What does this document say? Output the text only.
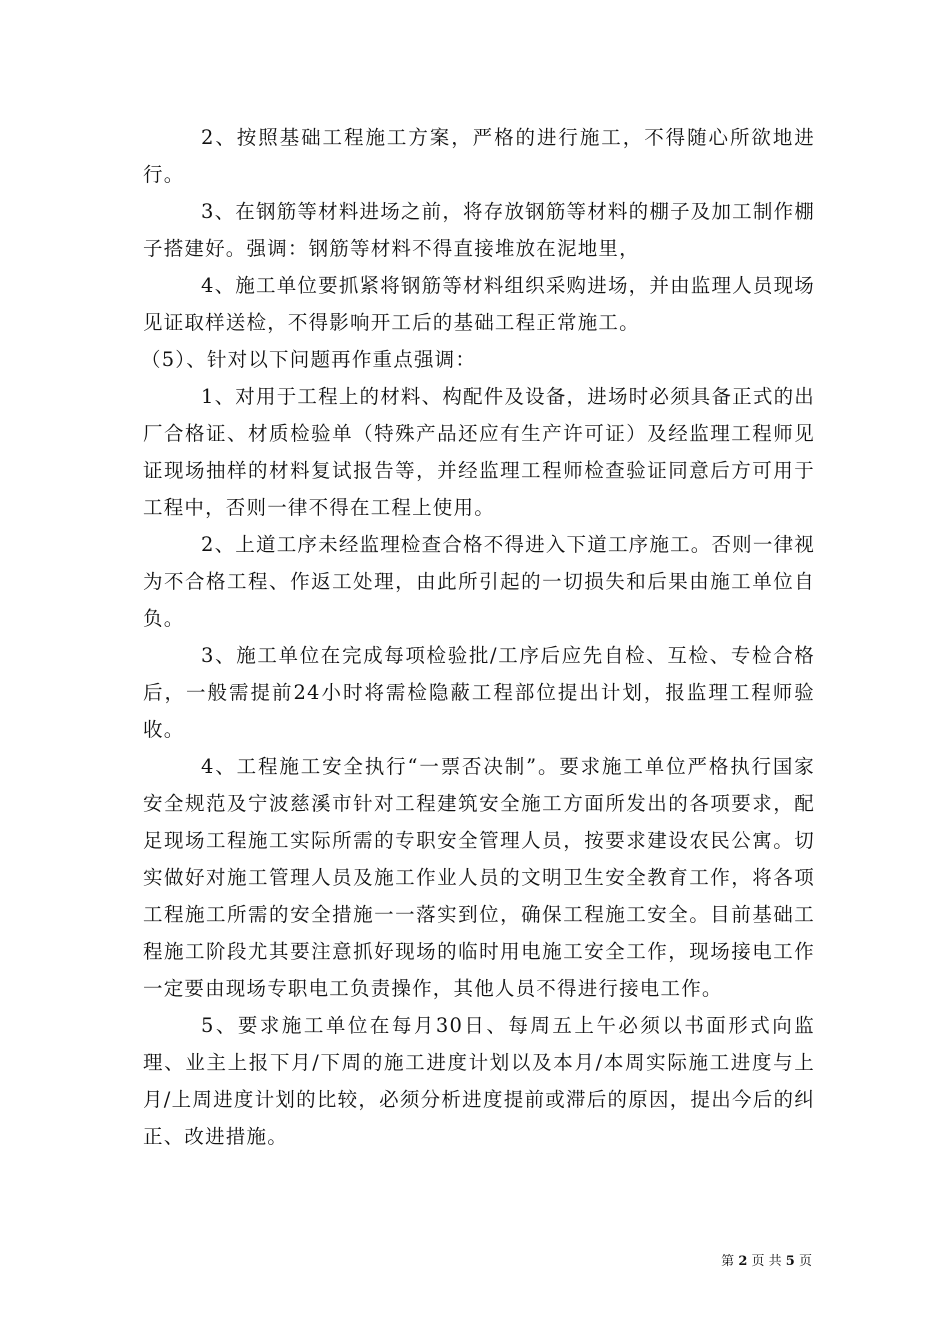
2、按照基础工程施工方案，严格的进行施工，不得随心所欲地进行。

3、在钢筋等材料进场之前，将存放钢筋等材料的棚子及加工制作棚子搭建好。强调：钢筋等材料不得直接堆放在泥地里，

4、施工单位要抓紧将钢筋等材料组织采购进场，并由监理人员现场见证取样送检，不得影响开工后的基础工程正常施工。

（5）、针对以下问题再作重点强调：

1、对用于工程上的材料、构配件及设备，进场时必须具备正式的出厂合格证、材质检验单（特殊产品还应有生产许可证）及经监理工程师见证现场抽样的材料复试报告等，并经监理工程师检查验证同意后方可用于工程中，否则一律不得在工程上使用。

2、上道工序未经监理检查合格不得进入下道工序施工。否则一律视为不合格工程、作返工处理，由此所引起的一切损失和后果由施工单位自负。

3、施工单位在完成每项检验批/工序后应先自检、互检、专检合格后，一般需提前24小时将需检隐蔽工程部位提出计划，报监理工程师验收。

4、工程施工安全执行“一票否决制”。要求施工单位严格执行国家安全规范及宁波慈溪市针对工程建筑安全施工方面所发出的各项要求，配足现场工程施工实际所需的专职安全管理人员，按要求建设农民公寓。切实做好对施工管理人员及施工作业人员的文明卫生安全教育工作，将各项工程施工所需的安全措施一一落实到位，确保工程施工安全。目前基础工程施工阶段尤其要注意抓好现场的临时用电施工安全工作，现场接电工作一定要由现场专职电工负责操作，其他人员不得进行接电工作。

5、要求施工单位在每月30日、每周五上午必须以书面形式向监理、业主上报下月/下周的施工进度计划以及本月/本周实际施工进度与上月/上周进度计划的比较，必须分析进度提前或滞后的原因，提出今后的纠正、改进措施。

第 2 页 共 5 页
